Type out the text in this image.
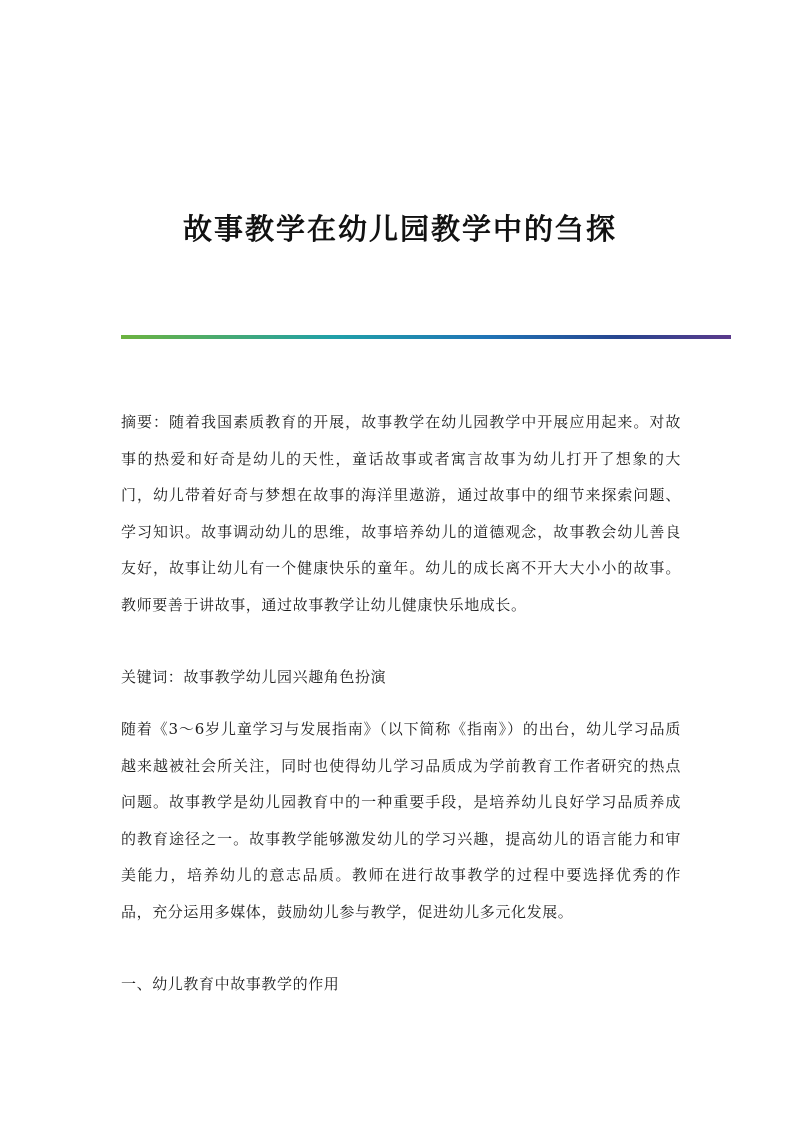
故事教学在幼儿园教学中的刍探

摘要：随着我国素质教育的开展，故事教学在幼儿园教学中开展应用起来。对故事的热爱和好奇是幼儿的天性，童话故事或者寓言故事为幼儿打开了想象的大门，幼儿带着好奇与梦想在故事的海洋里遨游，通过故事中的细节来探索问题、学习知识。故事调动幼儿的思维，故事培养幼儿的道德观念，故事教会幼儿善良友好，故事让幼儿有一个健康快乐的童年。幼儿的成长离不开大大小小的故事。教师要善于讲故事，通过故事教学让幼儿健康快乐地成长。

关键词：故事教学幼儿园兴趣角色扮演

随着《3～6岁儿童学习与发展指南》（以下简称《指南》）的出台，幼儿学习品质越来越被社会所关注，同时也使得幼儿学习品质成为学前教育工作者研究的热点问题。故事教学是幼儿园教育中的一种重要手段，是培养幼儿良好学习品质养成的教育途径之一。故事教学能够激发幼儿的学习兴趣，提高幼儿的语言能力和审美能力，培养幼儿的意志品质。教师在进行故事教学的过程中要选择优秀的作品，充分运用多媒体，鼓励幼儿参与教学，促进幼儿多元化发展。

一、幼儿教育中故事教学的作用
